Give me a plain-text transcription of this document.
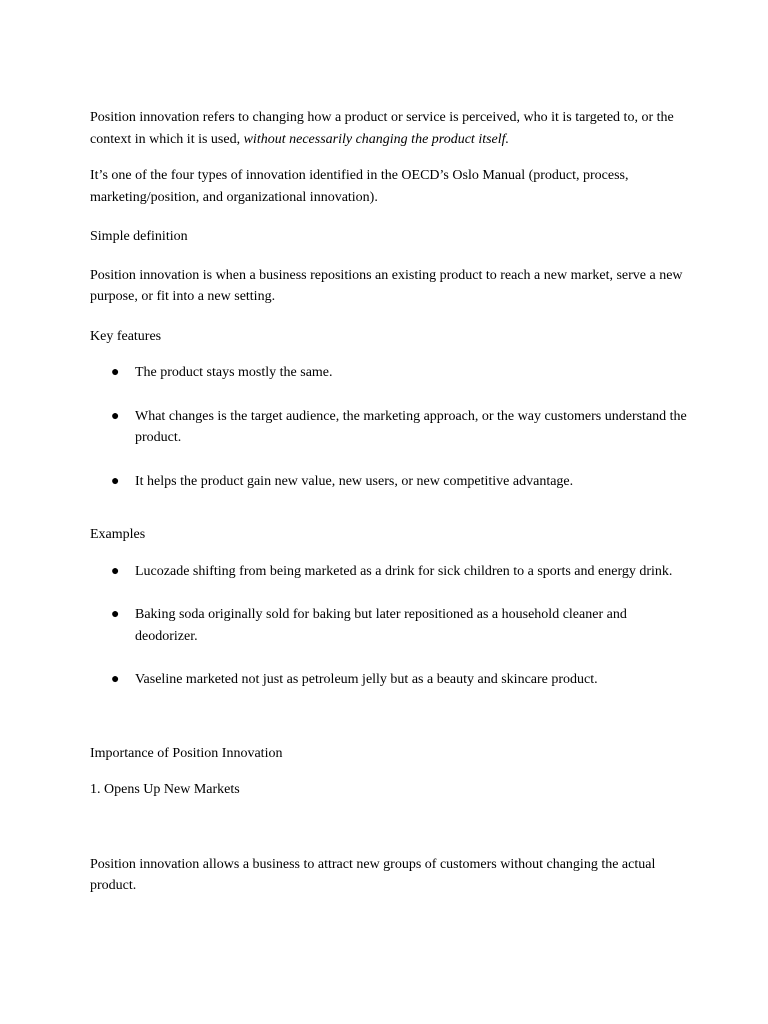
Position innovation refers to changing how a product or service is perceived, who it is targeted to, or the context in which it is used, without necessarily changing the product itself.

It’s one of the four types of innovation identified in the OECD’s Oslo Manual (product, process, marketing/position, and organizational innovation).

Simple definition

Position innovation is when a business repositions an existing product to reach a new market, serve a new purpose, or fit into a new setting.

Key features

● The product stays mostly the same.
● What changes is the target audience, the marketing approach, or the way customers understand the product.
● It helps the product gain new value, new users, or new competitive advantage.

Examples

● Lucozade shifting from being marketed as a drink for sick children to a sports and energy drink.
● Baking soda originally sold for baking but later repositioned as a household cleaner and deodorizer.
● Vaseline marketed not just as petroleum jelly but as a beauty and skincare product.

Importance of Position Innovation

1. Opens Up New Markets

Position innovation allows a business to attract new groups of customers without changing the actual product.
